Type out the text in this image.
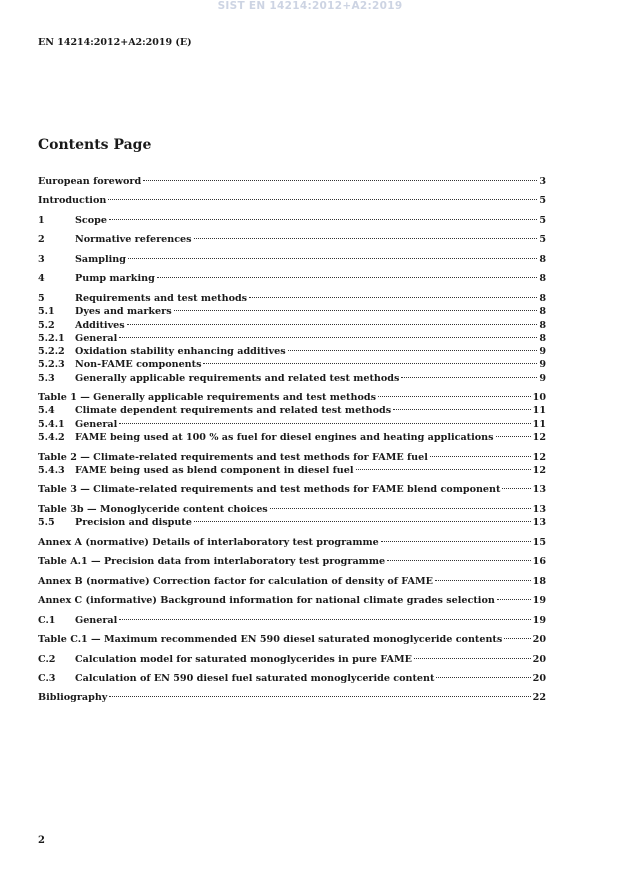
SIST EN 14214:2012+A2:2019
EN 14214:2012+A2:2019 (E)
Contents Page
European foreword	3
Introduction	5
1	Scope	5
2	Normative references	5
3	Sampling	8
4	Pump marking	8
5	Requirements and test methods	8
5.1	Dyes and markers	8
5.2	Additives	8
5.2.1	General	8
5.2.2	Oxidation stability enhancing additives	9
5.2.3	Non-FAME components	9
5.3	Generally applicable requirements and related test methods	9
Table 1 — Generally applicable requirements and test methods	10
5.4	Climate dependent requirements and related test methods	11
5.4.1	General	11
5.4.2	FAME being used at 100 % as fuel for diesel engines and heating applications	12
Table 2 — Climate-related requirements and test methods for FAME fuel	12
5.4.3	FAME being used as blend component in diesel fuel	12
Table 3 — Climate-related requirements and test methods for FAME blend component	13
Table 3b — Monoglyceride content choices	13
5.5	Precision and dispute	13
Annex A (normative) Details of interlaboratory test programme	15
Table A.1 — Precision data from interlaboratory test programme	16
Annex B (normative) Correction factor for calculation of density of FAME	18
Annex C (informative) Background information for national climate grades selection	19
C.1	General	19
Table C.1 — Maximum recommended EN 590 diesel saturated monoglyceride contents	20
C.2	Calculation model for saturated monoglycerides in pure FAME	20
C.3	Calculation of EN 590 diesel fuel saturated monoglyceride content	20
Bibliography	22
2
